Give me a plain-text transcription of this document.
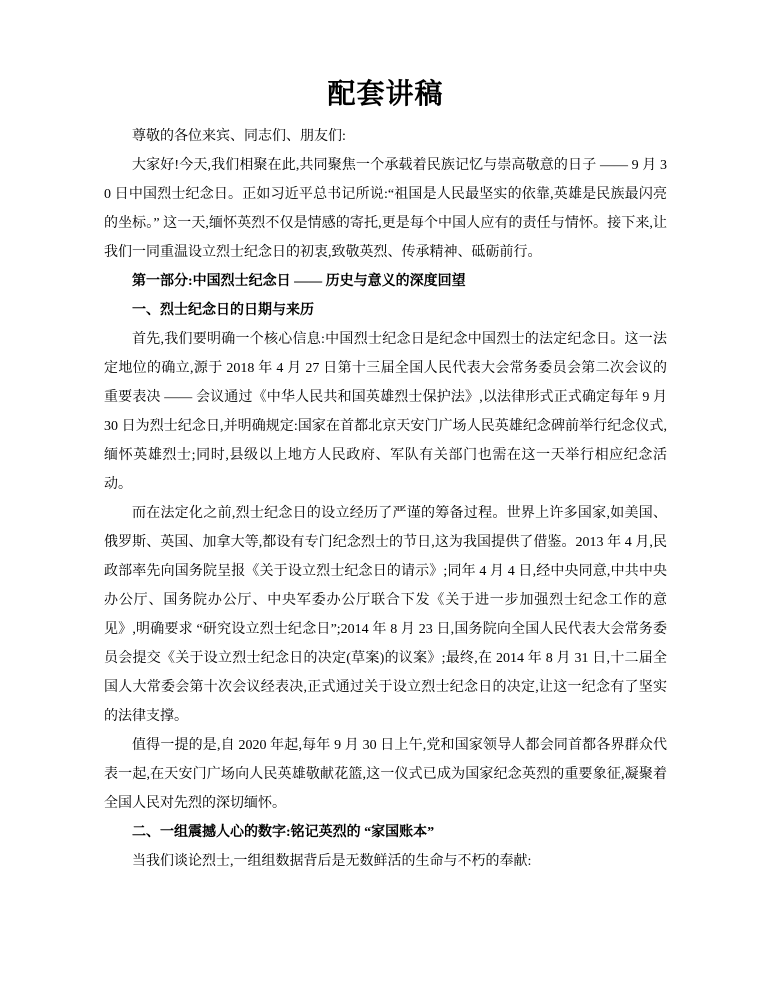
配套讲稿

尊敬的各位来宾、同志们、朋友们:

大家好!今天,我们相聚在此,共同聚焦一个承载着民族记忆与崇高敬意的日子 —— 9 月 30 日中国烈士纪念日。正如习近平总书记所说:“祖国是人民最坚实的依靠,英雄是民族最闪亮的坐标。” 这一天,缅怀英烈不仅是情感的寄托,更是每个中国人应有的责任与情怀。接下来,让我们一同重温设立烈士纪念日的初衷,致敬英烈、传承精神、砥砺前行。

第一部分:中国烈士纪念日 —— 历史与意义的深度回望

一、烈士纪念日的日期与来历

首先,我们要明确一个核心信息:中国烈士纪念日是纪念中国烈士的法定纪念日。这一法定地位的确立,源于 2018 年 4 月 27 日第十三届全国人民代表大会常务委员会第二次会议的重要表决 —— 会议通过《中华人民共和国英雄烈士保护法》,以法律形式正式确定每年 9 月 30 日为烈士纪念日,并明确规定:国家在首都北京天安门广场人民英雄纪念碑前举行纪念仪式,缅怀英雄烈士;同时,县级以上地方人民政府、军队有关部门也需在这一天举行相应纪念活动。

而在法定化之前,烈士纪念日的设立经历了严谨的筹备过程。世界上许多国家,如美国、俄罗斯、英国、加拿大等,都设有专门纪念烈士的节日,这为我国提供了借鉴。2013 年 4 月,民政部率先向国务院呈报《关于设立烈士纪念日的请示》;同年 4 月 4 日,经中央同意,中共中央办公厅、国务院办公厅、中央军委办公厅联合下发《关于进一步加强烈士纪念工作的意见》,明确要求 “研究设立烈士纪念日”;2014 年 8 月 23 日,国务院向全国人民代表大会常务委员会提交《关于设立烈士纪念日的决定(草案)的议案》;最终,在 2014 年 8 月 31 日,十二届全国人大常委会第十次会议经表决,正式通过关于设立烈士纪念日的决定,让这一纪念有了坚实的法律支撑。

值得一提的是,自 2020 年起,每年 9 月 30 日上午,党和国家领导人都会同首都各界群众代表一起,在天安门广场向人民英雄敬献花篮,这一仪式已成为国家纪念英烈的重要象征,凝聚着全国人民对先烈的深切缅怀。

二、一组震撼人心的数字:铭记英烈的 “家国账本”

当我们谈论烈士,一组组数据背后是无数鲜活的生命与不朽的奉献:
